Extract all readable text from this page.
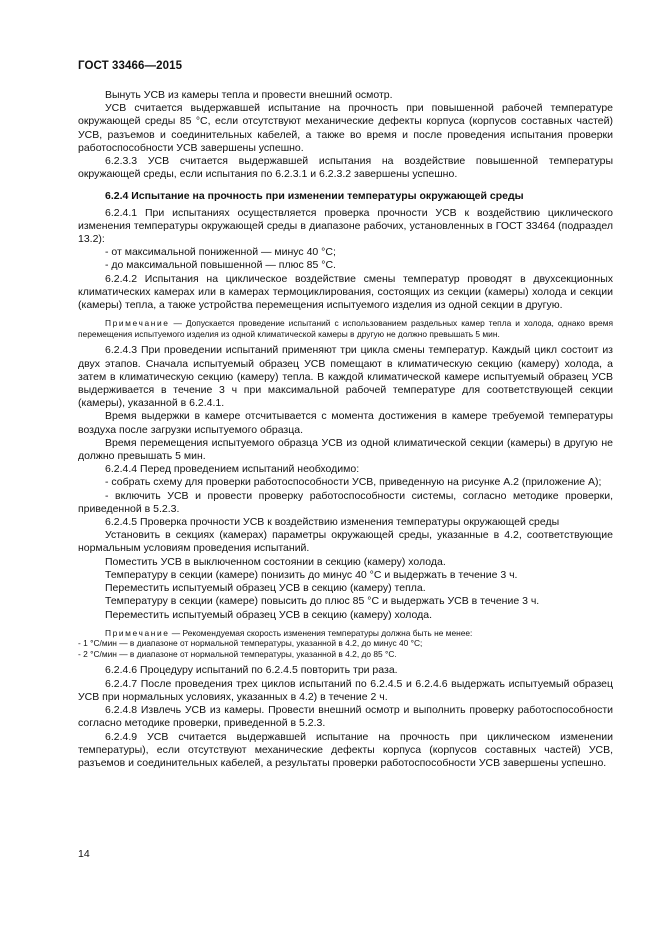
ГОСТ 33466—2015

Вынуть УСВ из камеры тепла и провести внешний осмотр.

УСВ считается выдержавшей испытание на прочность при повышенной рабочей температуре окружающей среды 85 °С, если отсутствуют механические дефекты корпуса (корпусов составных частей) УСВ, разъемов и соединительных кабелей, а также во время и после проведения испытания проверки работоспособности УСВ завершены успешно.

6.2.3.3 УСВ считается выдержавшей испытания на воздействие повышенной температуры окружающей среды, если испытания по 6.2.3.1 и 6.2.3.2 завершены успешно.

6.2.4 Испытание на прочность при изменении температуры окружающей среды

6.2.4.1 При испытаниях осуществляется проверка прочности УСВ к воздействию циклического изменения температуры окружающей среды в диапазоне рабочих, установленных в ГОСТ 33464 (подраздел 13.2):

- от максимальной пониженной — минус 40 °С;

- до максимальной повышенной — плюс 85 °С.

6.2.4.2 Испытания на циклическое воздействие смены температур проводят в двухсекционных климатических камерах или в камерах термоциклирования, состоящих из секции (камеры) холода и секции (камеры) тепла, а также устройства перемещения испытуемого изделия из одной секции в другую.

Примечание — Допускается проведение испытаний с использованием раздельных камер тепла и холода, однако время перемещения испытуемого изделия из одной климатической камеры в другую не должно превышать 5 мин.

6.2.4.3 При проведении испытаний применяют три цикла смены температур. Каждый цикл состоит из двух этапов. Сначала испытуемый образец УСВ помещают в климатическую секцию (камеру) холода, а затем в климатическую секцию (камеру) тепла. В каждой климатической камере испытуемый образец УСВ выдерживается в течение 3 ч при максимальной рабочей температуре для соответствующей секции (камеры), указанной в 6.2.4.1.

Время выдержки в камере отсчитывается с момента достижения в камере требуемой температуры воздуха после загрузки испытуемого образца.

Время перемещения испытуемого образца УСВ из одной климатической секции (камеры) в другую не должно превышать 5 мин.

6.2.4.4 Перед проведением испытаний необходимо:

- собрать схему для проверки работоспособности УСВ, приведенную на рисунке А.2 (приложение А);

- включить УСВ и провести проверку работоспособности системы, согласно методике проверки, приведенной в 5.2.3.

6.2.4.5 Проверка прочности УСВ к воздействию изменения температуры окружающей среды

Установить в секциях (камерах) параметры окружающей среды, указанные в 4.2, соответствующие нормальным условиям проведения испытаний.

Поместить УСВ в выключенном состоянии в секцию (камеру) холода.

Температуру в секции (камере) понизить до минус 40 °С и выдержать в течение 3 ч.

Переместить испытуемый образец УСВ в секцию (камеру) тепла.

Температуру в секции (камере) повысить до плюс 85 °С и выдержать УСВ в течение 3 ч.

Переместить испытуемый образец УСВ в секцию (камеру) холода.

Примечание — Рекомендуемая скорость изменения температуры должна быть не менее:

- 1 °С/мин — в диапазоне от нормальной температуры, указанной в 4.2, до минус 40 °С;

- 2 °С/мин — в диапазоне от нормальной температуры, указанной в 4.2, до 85 °С.

6.2.4.6 Процедуру испытаний по 6.2.4.5 повторить три раза.

6.2.4.7 После проведения трех циклов испытаний по 6.2.4.5 и 6.2.4.6 выдержать испытуемый образец УСВ при нормальных условиях, указанных в 4.2) в течение 2 ч.

6.2.4.8 Извлечь УСВ из камеры. Провести внешний осмотр и выполнить проверку работоспособности согласно методике проверки, приведенной в 5.2.3.

6.2.4.9 УСВ считается выдержавшей испытание на прочность при циклическом изменении температуры), если отсутствуют механические дефекты корпуса (корпусов составных частей) УСВ, разъемов и соединительных кабелей, а результаты проверки работоспособности УСВ завершены успешно.

14
